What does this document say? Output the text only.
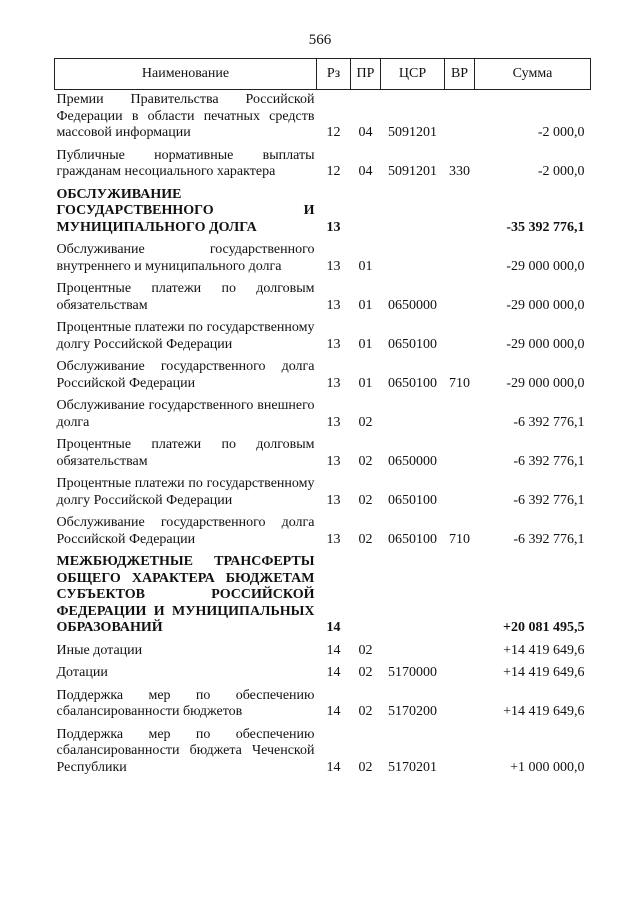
566
Наименование	Рз	ПР	ЦСР	ВР	Сумма
Премии Правительства Российской Федерации в области печатных средств массовой информации	12	04	5091201		-2 000,0
Публичные нормативные выплаты гражданам несоциального характера	12	04	5091201	330	-2 000,0
ОБСЛУЖИВАНИЕ ГОСУДАРСТВЕННОГО И МУНИЦИПАЛЬНОГО ДОЛГА	13				-35 392 776,1
Обслуживание государственного внутреннего и муниципального долга	13	01			-29 000 000,0
Процентные платежи по долговым обязательствам	13	01	0650000		-29 000 000,0
Процентные платежи по государственному долгу Российской Федерации	13	01	0650100		-29 000 000,0
Обслуживание государственного долга Российской Федерации	13	01	0650100	710	-29 000 000,0
Обслуживание государственного внешнего долга	13	02			-6 392 776,1
Процентные платежи по долговым обязательствам	13	02	0650000		-6 392 776,1
Процентные платежи по государственному долгу Российской Федерации	13	02	0650100		-6 392 776,1
Обслуживание государственного долга Российской Федерации	13	02	0650100	710	-6 392 776,1
МЕЖБЮДЖЕТНЫЕ ТРАНСФЕРТЫ ОБЩЕГО ХАРАКТЕРА БЮДЖЕТАМ СУБЪЕКТОВ РОССИЙСКОЙ ФЕДЕРАЦИИ И МУНИЦИПАЛЬНЫХ ОБРАЗОВАНИЙ	14				+20 081 495,5
Иные дотации	14	02			+14 419 649,6
Дотации	14	02	5170000		+14 419 649,6
Поддержка мер по обеспечению сбалансированности бюджетов	14	02	5170200		+14 419 649,6
Поддержка мер по обеспечению сбалансированности бюджета Чеченской Республики	14	02	5170201		+1 000 000,0
